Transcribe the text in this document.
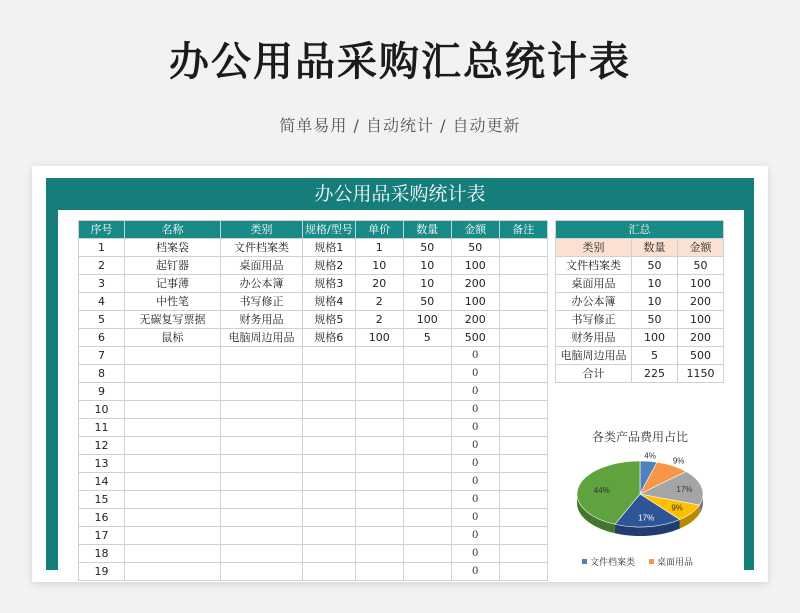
办公用品采购汇总统计表
简单易用 / 自动统计 / 自动更新
办公用品采购统计表
序号	名称	类别	规格/型号	单价	数量	金额	备注
1	档案袋	文件档案类	规格1	1	50	50	
2	起钉器	桌面用品	规格2	10	10	100	
3	记事薄	办公本簿	规格3	20	10	200	
4	中性笔	书写修正	规格4	2	50	100	
5	无碳复写票据	财务用品	规格5	2	100	200	
6	鼠标	电脑周边用品	规格6	100	5	500	
7						0	
8						0	
9						0	
10						0	
11						0	
12						0	
13						0	
14						0	
15						0	
16						0	
17						0	
18						0	
19						0	
汇总		
类别	数量	金额
文件档案类	50	50
桌面用品	10	100
办公本簿	10	200
书写修正	50	100
财务用品	100	200
电脑周边用品	5	500
合计	225	1150
各类产品费用占比
4%
9%
17%
9%
17%
44%
文件档案类 桌面用品
